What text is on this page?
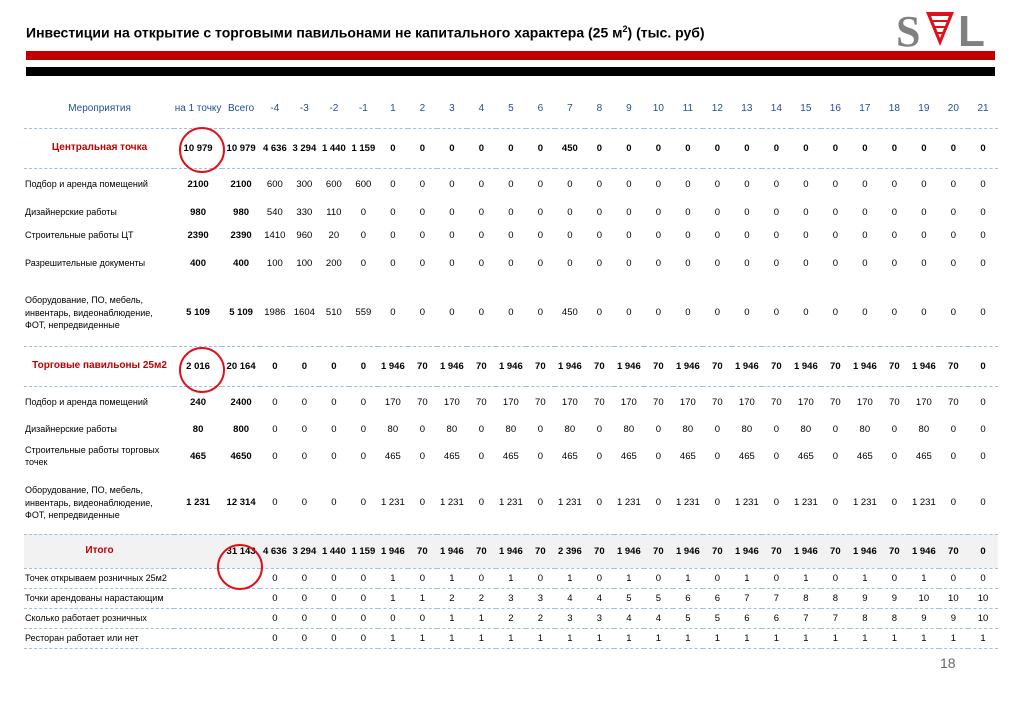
Инвестиции на открытие с торговыми павильонами не капитального характера (25 $м^2$) (тыс. руб)	S L
Мероприятия	на 1 точку	Всего	-4	-3	-2	-1	1	2	3	4	5	6	7	8	9	10	11	12	13	14	15	16	17	18	19	20	21
Центральная точка	10 979	10 979	4 636	3 294	1 440	1 159	0	0	0	0	0	0	450	0	0	0	0	0	0	0	0	0	0	0	0	0	0
Подбор и аренда помещений	2100	2100	600	300	600	600	0	0	0	0	0	0	0	0	0	0	0	0	0	0	0	0	0	0	0	0	0
Дизайнерские работы	980	980	540	330	110	0	0	0	0	0	0	0	0	0	0	0	0	0	0	0	0	0	0	0	0	0	0
Строительные работы ЦТ	2390	2390	1410	960	20	0	0	0	0	0	0	0	0	0	0	0	0	0	0	0	0	0	0	0	0	0	0
Разрешительные документы	400	400	100	100	200	0	0	0	0	0	0	0	0	0	0	0	0	0	0	0	0	0	0	0	0	0	0
Оборудование, ПО, мебель, инвентарь, видеонаблюдение, ФОТ, непредвиденные	5 109	5 109	1986	1604	510	559	0	0	0	0	0	0	450	0	0	0	0	0	0	0	0	0	0	0	0	0	0
Торговые павильоны 25м2	2 016	20 164	0	0	0	0	1 946	70	1 946	70	1 946	70	1 946	70	1 946	70	1 946	70	1 946	70	1 946	70	1 946	70	1 946	70	0
Подбор и аренда помещений	240	2400	0	0	0	0	170	70	170	70	170	70	170	70	170	70	170	70	170	70	170	70	170	70	170	70	0
Дизайнерские работы	80	800	0	0	0	0	80	0	80	0	80	0	80	0	80	0	80	0	80	0	80	0	80	0	80	0	0
Строительные работы торговых точек	465	4650	0	0	0	0	465	0	465	0	465	0	465	0	465	0	465	0	465	0	465	0	465	0	465	0	0
Оборудование, ПО, мебель, инвентарь, видеонаблюдение, ФОТ, непредвиденные	1 231	12 314	0	0	0	0	1 231	0	1 231	0	1 231	0	1 231	0	1 231	0	1 231	0	1 231	0	1 231	0	1 231	0	1 231	0	0
Итого		31 143	4 636	3 294	1 440	1 159	1 946	70	1 946	70	1 946	70	2 396	70	1 946	70	1 946	70	1 946	70	1 946	70	1 946	70	1 946	70	0
Точек открываем розничных 25м2			0	0	0	0	1	0	1	0	1	0	1	0	1	0	1	0	1	0	1	0	1	0	1	0	0
Точки арендованы нарастающим			0	0	0	0	1	1	2	2	3	3	4	4	5	5	6	6	7	7	8	8	9	9	10	10	10
Сколько работает розничных			0	0	0	0	0	0	1	1	2	2	3	3	4	4	5	5	6	6	7	7	8	8	9	9	10
Ресторан работает или нет			0	0	0	0	1	1	1	1	1	1	1	1	1	1	1	1	1	1	1	1	1	1	1	1	1
18
